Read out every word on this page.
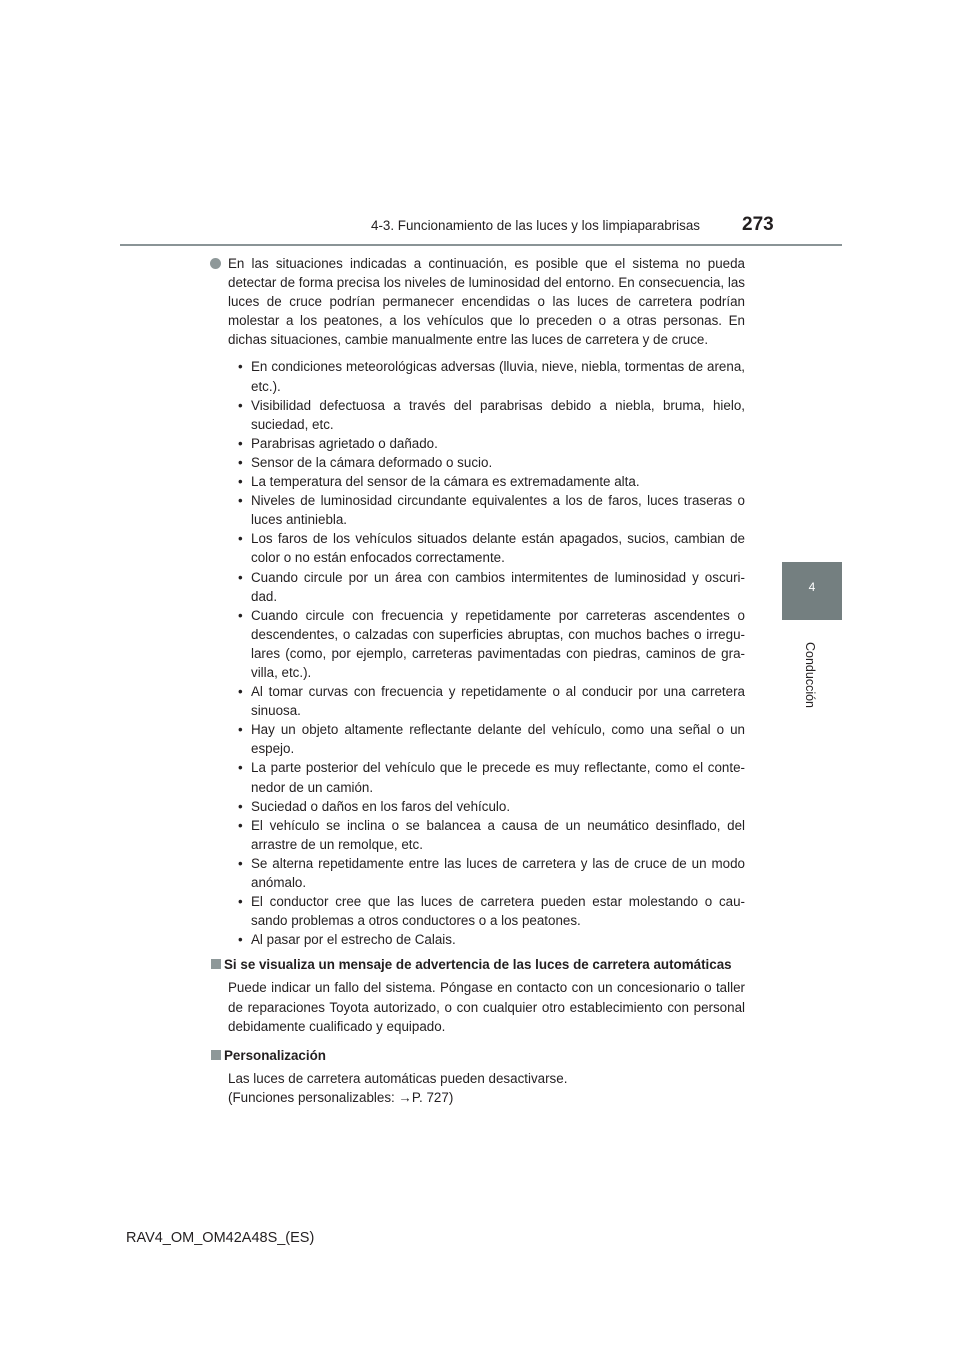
4-3. Funcionamiento de las luces y los limpiaparabrisas 273
4
Conducción
En las situaciones indicadas a continuación, es posible que el sistema no pueda detectar de forma precisa los niveles de luminosidad del entorno. En consecuencia, las luces de cruce podrían permanecer encendidas o las luces de carretera podrían molestar a los peatones, a los vehículos que lo preceden o a otras personas. En dichas situaciones, cambie manualmente entre las luces de carretera y de cruce.
• En condiciones meteorológicas adversas (lluvia, nieve, niebla, tormentas de arena, etc.).
• Visibilidad defectuosa a través del parabrisas debido a niebla, bruma, hielo, suciedad, etc.
• Parabrisas agrietado o dañado.
• Sensor de la cámara deformado o sucio.
• La temperatura del sensor de la cámara es extremadamente alta.
• Niveles de luminosidad circundante equivalentes a los de faros, luces traseras o luces antiniebla.
• Los faros de los vehículos situados delante están apagados, sucios, cambian de color o no están enfocados correctamente.
• Cuando circule por un área con cambios intermitentes de luminosidad y oscuri-dad.
• Cuando circule con frecuencia y repetidamente por carreteras ascendentes o descendentes, o calzadas con superficies abruptas, con muchos baches o irregu-lares (como, por ejemplo, carreteras pavimentadas con piedras, caminos de gra-villa, etc.).
• Al tomar curvas con frecuencia y repetidamente o al conducir por una carretera sinuosa.
• Hay un objeto altamente reflectante delante del vehículo, como una señal o un espejo.
• La parte posterior del vehículo que le precede es muy reflectante, como el conte-nedor de un camión.
• Suciedad o daños en los faros del vehículo.
• El vehículo se inclina o se balancea a causa de un neumático desinflado, del arrastre de un remolque, etc.
• Se alterna repetidamente entre las luces de carretera y las de cruce de un modo anómalo.
• El conductor cree que las luces de carretera pueden estar molestando o cau-sando problemas a otros conductores o a los peatones.
• Al pasar por el estrecho de Calais.
Si se visualiza un mensaje de advertencia de las luces de carretera automáticas
Puede indicar un fallo del sistema. Póngase en contacto con un concesionario o taller de reparaciones Toyota autorizado, o con cualquier otro establecimiento con personal debidamente cualificado y equipado.
Personalización
Las luces de carretera automáticas pueden desactivarse.
(Funciones personalizables: →P. 727)
RAV4_OM_OM42A48S_(ES)
